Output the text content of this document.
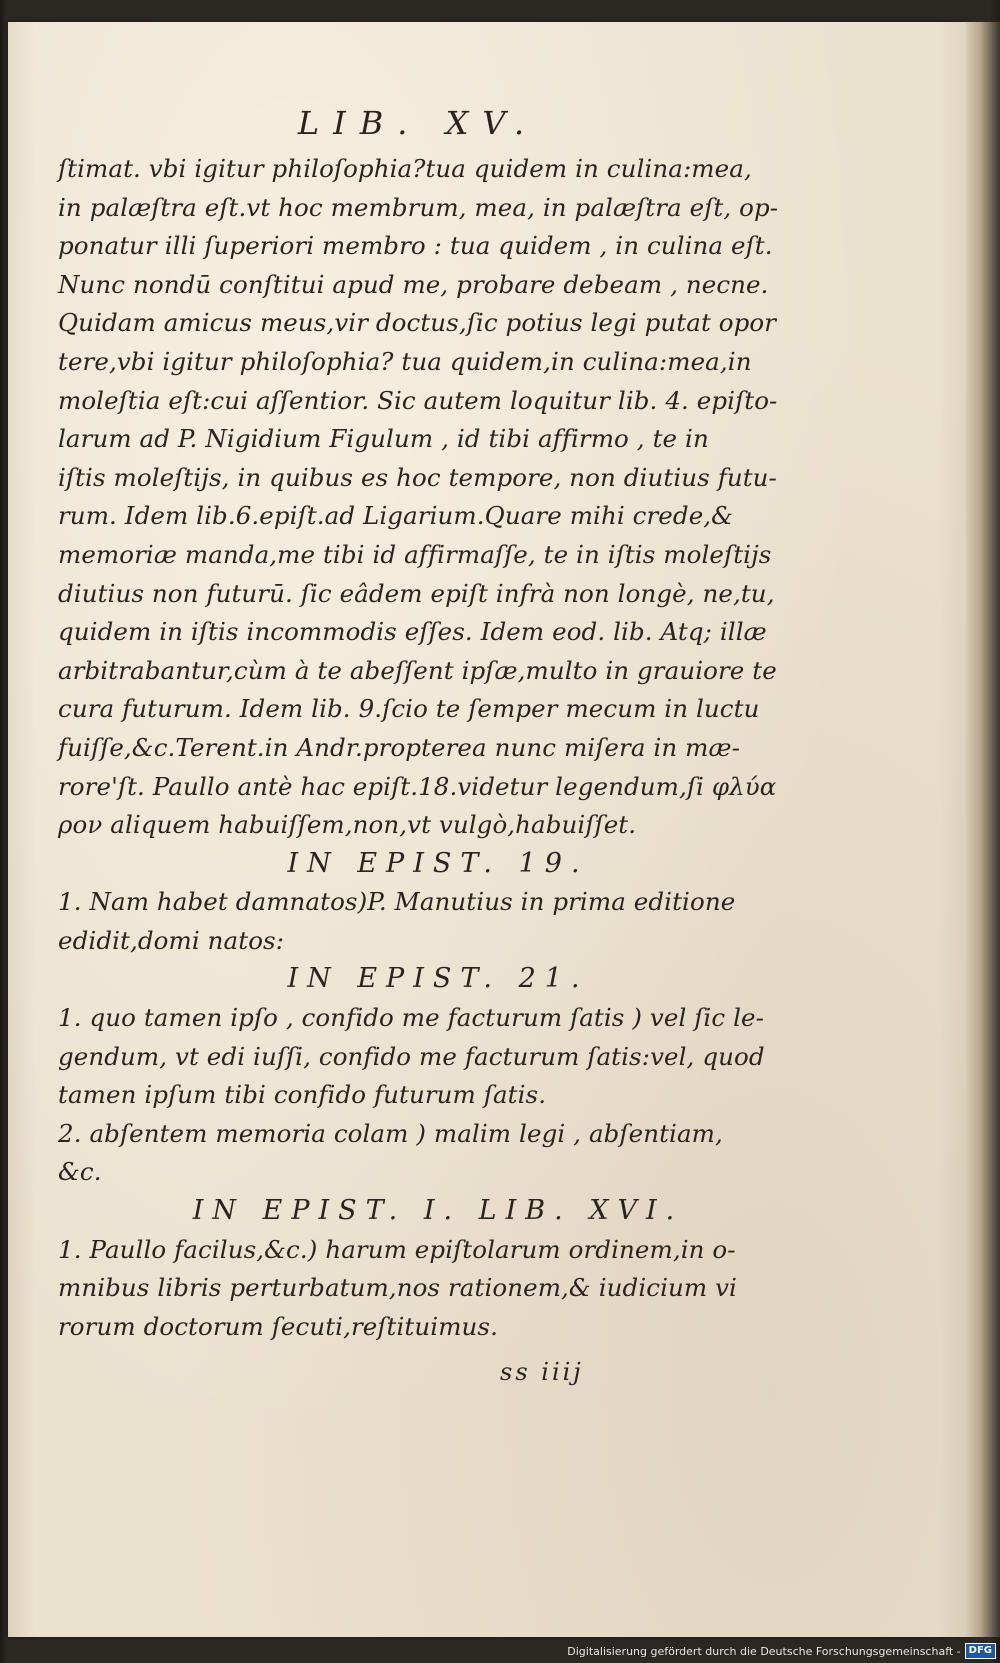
LIB. XV.
ſtimat. vbi igitur philoſophia?tua quidem in culina:mea,
in palæſtra eſt.vt hoc membrum, mea, in palæſtra eſt, op-
ponatur illi ſuperiori membro : tua quidem , in culina eſt.
Nunc nondū conſtitui apud me, probare debeam , necne.
Quidam amicus meus,vir doctus,ſic potius legi putat opor
tere,vbi igitur philoſophia? tua quidem,in culina:mea,in
moleſtia eſt:cui aſſentior. Sic autem loquitur lib. 4. epiſto-
larum ad P. Nigidium Figulum , id tibi affirmo , te in
iſtis moleſtijs, in quibus es hoc tempore, non diutius futu-
rum. Idem lib.6.epiſt.ad Ligarium.Quare mihi crede,&
memoriæ manda,me tibi id affirmaſſe, te in iſtis moleſtijs
diutius non futurū. ſic eâdem epiſt infrà non longè, ne,tu,
quidem in iſtis incommodis eſſes. Idem eod. lib. Atq; illæ
arbitrabantur,cùm à te abeſſent ipſæ,multo in grauiore te
cura futurum. Idem lib. 9.ſcio te ſemper mecum in luctu
fuiſſe,&c.Terent.in Andr.propterea nunc miſera in mæ-
rore'ſt. Paullo antè hac epiſt.18.videtur legendum,ſi φλύα
ρον aliquem habuiſſem,non,vt vulgò,habuiſſet.
IN EPIST. 19.
1. Nam habet damnatos)P. Manutius in prima editione
edidit,domi natos:
IN EPIST. 21.
1. quo tamen ipſo , confido me facturum ſatis ) vel ſic le-
gendum, vt edi iuſſi, confido me facturum ſatis:vel, quod
tamen ipſum tibi confido futurum ſatis.
2. abſentem memoria colam ) malim legi , abſentiam,
&c.
IN EPIST. I. LIB. XVI.
1. Paullo facilus,&c.) harum epiſtolarum ordinem,in o-
mnibus libris perturbatum,nos rationem,& iudicium vi
rorum doctorum ſecuti,reſtituimus.
ss iiij
Digitalisierung gefördert durch die Deutsche Forschungsgemeinschaft - DFG
